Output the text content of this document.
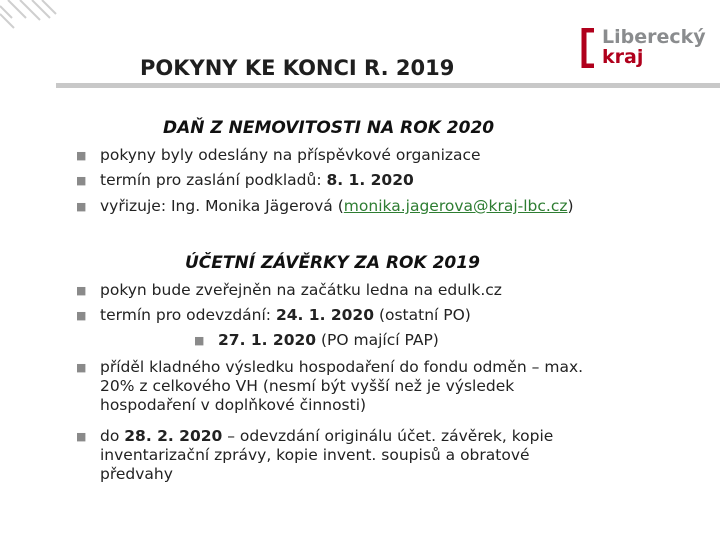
Liberecký
kraj
POKYNY KE KONCI R. 2019
DAŇ Z NEMOVITOSTI NA ROK 2020
■ pokyny byly odeslány na příspěvkové organizace
■ termín pro zaslání podkladů: 8. 1. 2020
■ vyřizuje: Ing. Monika Jägerová (monika.jagerova@kraj-lbc.cz)
ÚČETNÍ ZÁVĚRKY ZA ROK 2019
■ pokyn bude zveřejněn na začátku ledna na edulk.cz
■ termín pro odevzdání: 24. 1. 2020 (ostatní PO)
■ 27. 1. 2020 (PO mající PAP)
■ příděl kladného výsledku hospodaření do fondu odměn – max.
20% z celkového VH (nesmí být vyšší než je výsledek
hospodaření v doplňkové činnosti)
■ do 28. 2. 2020 – odevzdání originálu účet. závěrek, kopie
inventarizační zprávy, kopie invent. soupisů a obratové
předvahy
